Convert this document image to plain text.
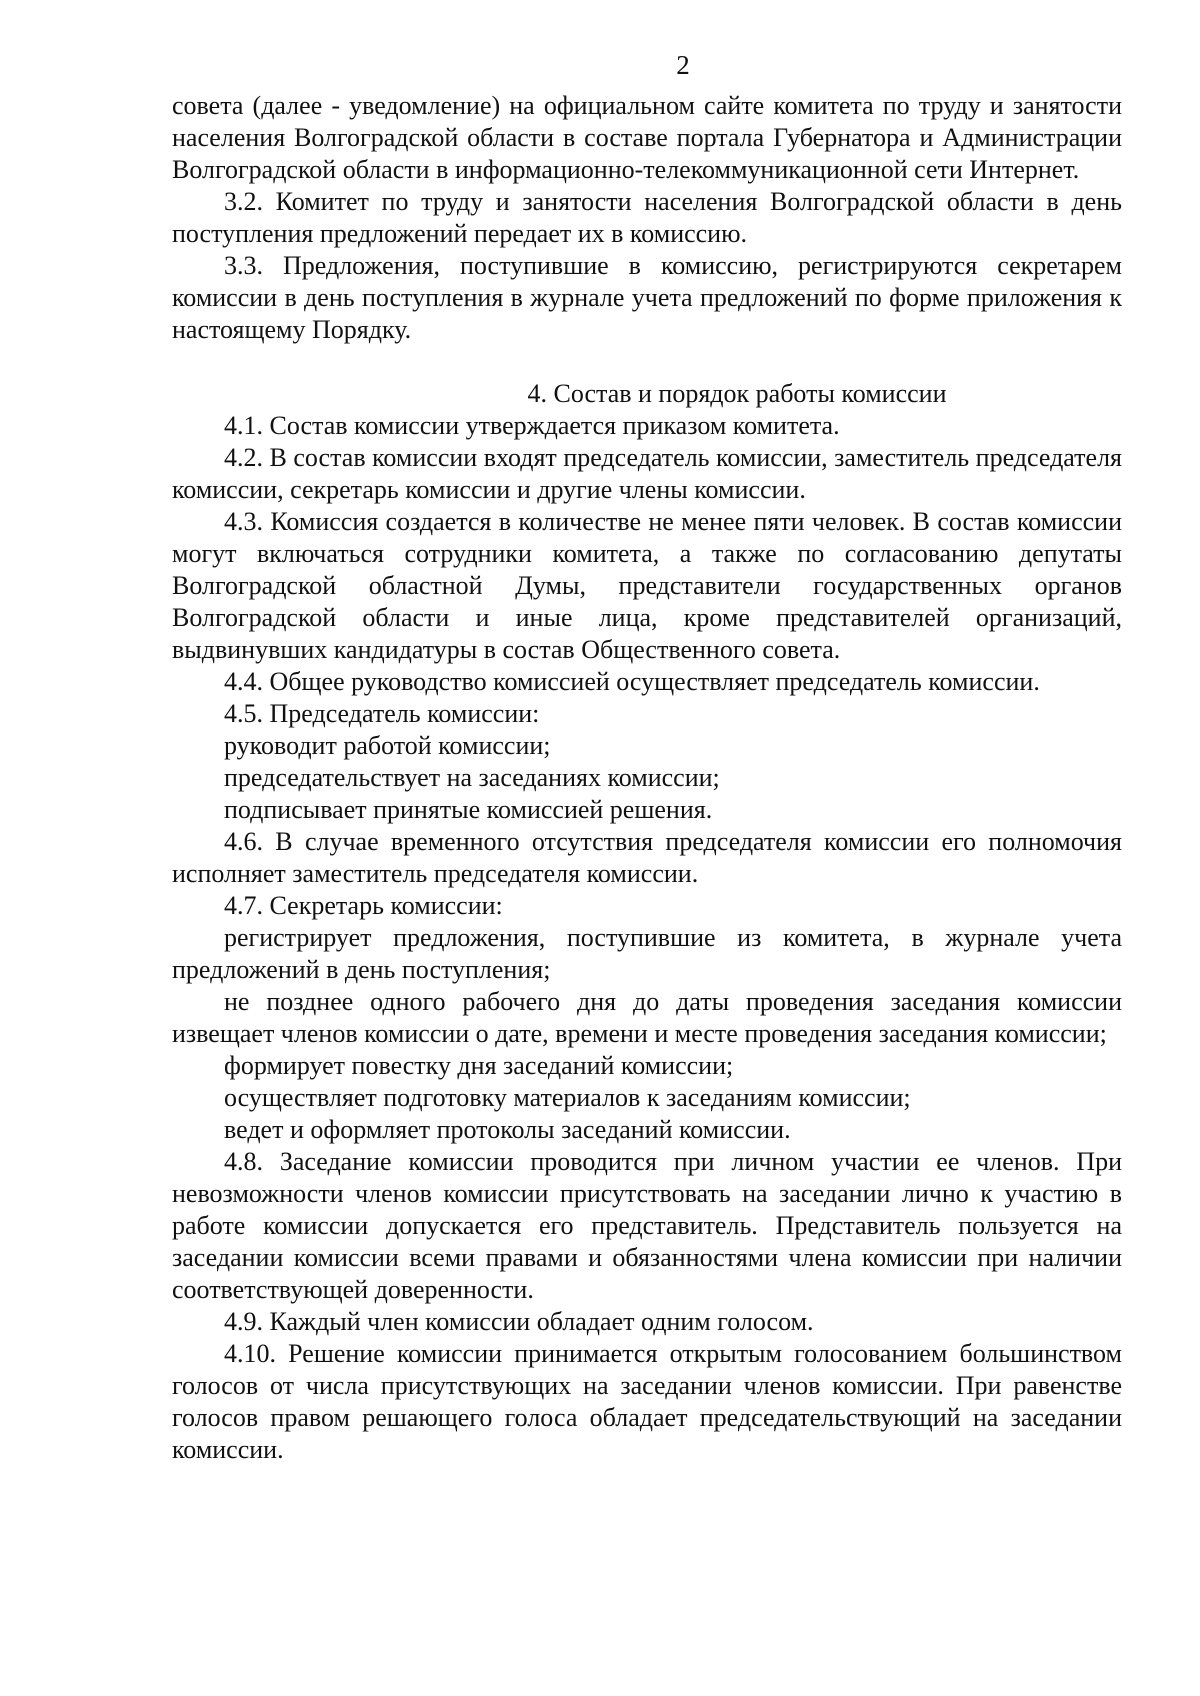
2

совета (далее - уведомление) на официальном сайте комитета по труду и занятости населения Волгоградской области в составе портала Губернатора и Администрации Волгоградской области в информационно-телекоммуникационной сети Интернет.

3.2. Комитет по труду и занятости населения Волгоградской области в день поступления предложений передает их в комиссию.

3.3. Предложения, поступившие в комиссию, регистрируются секретарем комиссии в день поступления в журнале учета предложений по форме приложения к настоящему Порядку.

4. Состав и порядок работы комиссии

4.1. Состав комиссии утверждается приказом комитета.

4.2. В состав комиссии входят председатель комиссии, заместитель председателя комиссии, секретарь комиссии и другие члены комиссии.

4.3. Комиссия создается в количестве не менее пяти человек. В состав комиссии могут включаться сотрудники комитета, а также по согласованию депутаты Волгоградской областной Думы, представители государственных органов Волгоградской области и иные лица, кроме представителей организаций, выдвинувших кандидатуры в состав Общественного совета.

4.4. Общее руководство комиссией осуществляет председатель комиссии.

4.5. Председатель комиссии:

руководит работой комиссии;

председательствует на заседаниях комиссии;

подписывает принятые комиссией решения.

4.6. В случае временного отсутствия председателя комиссии его полномочия исполняет заместитель председателя комиссии.

4.7. Секретарь комиссии:

регистрирует предложения, поступившие из комитета, в журнале учета предложений в день поступления;

не позднее одного рабочего дня до даты проведения заседания комиссии извещает членов комиссии о дате, времени и месте проведения заседания комиссии;

формирует повестку дня заседаний комиссии;

осуществляет подготовку материалов к заседаниям комиссии;

ведет и оформляет протоколы заседаний комиссии.

4.8. Заседание комиссии проводится при личном участии ее членов. При невозможности членов комиссии присутствовать на заседании лично к участию в работе комиссии допускается его представитель. Представитель пользуется на заседании комиссии всеми правами и обязанностями члена комиссии при наличии соответствующей доверенности.

4.9. Каждый член комиссии обладает одним голосом.

4.10. Решение комиссии принимается открытым голосованием большинством голосов от числа присутствующих на заседании членов комиссии. При равенстве голосов правом решающего голоса обладает председательствующий на заседании комиссии.
